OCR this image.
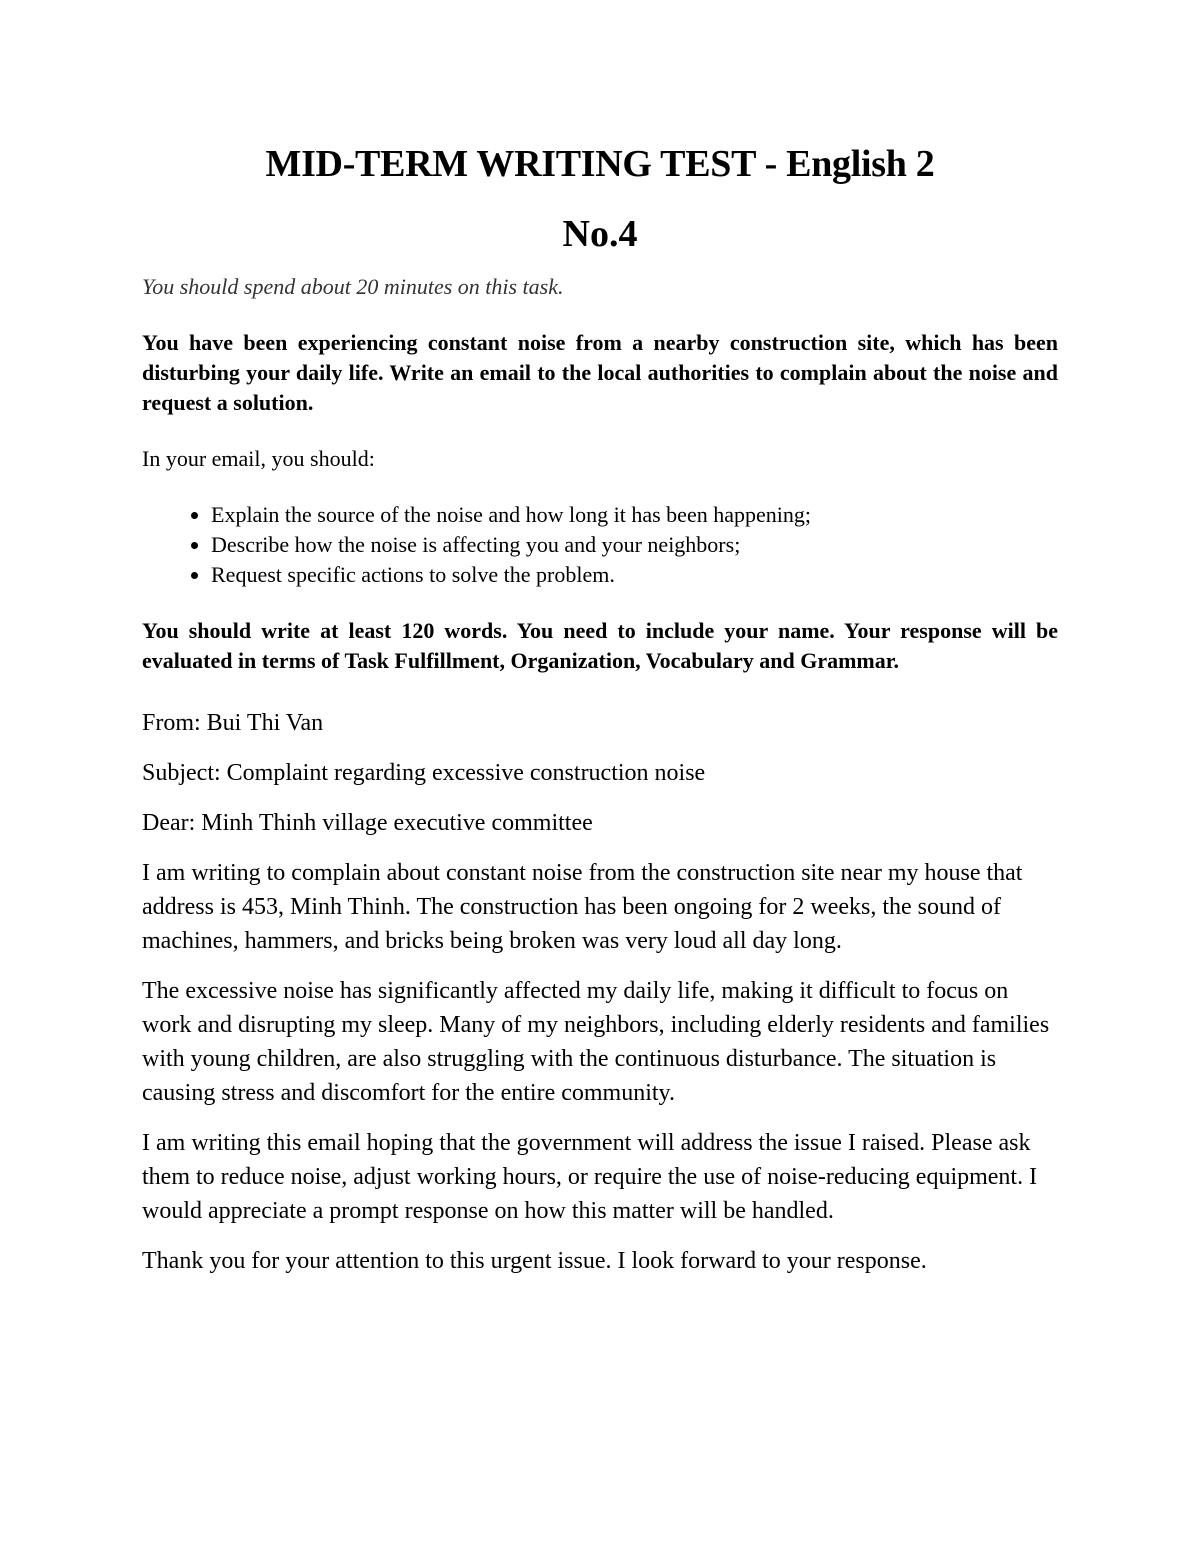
MID-TERM WRITING TEST - English 2
No.4

You should spend about 20 minutes on this task.

You have been experiencing constant noise from a nearby construction site, which has been disturbing your daily life. Write an email to the local authorities to complain about the noise and request a solution.

In your email, you should:

• Explain the source of the noise and how long it has been happening;
• Describe how the noise is affecting you and your neighbors;
• Request specific actions to solve the problem.

You should write at least 120 words. You need to include your name. Your response will be evaluated in terms of Task Fulfillment, Organization, Vocabulary and Grammar.

From: Bui Thi Van

Subject: Complaint regarding excessive construction noise

Dear: Minh Thinh village executive committee

I am writing to complain about constant noise from the construction site near my house that address is 453, Minh Thinh. The construction has been ongoing for 2 weeks, the sound of machines, hammers, and bricks being broken was very loud all day long.

The excessive noise has significantly affected my daily life, making it difficult to focus on work and disrupting my sleep. Many of my neighbors, including elderly residents and families with young children, are also struggling with the continuous disturbance. The situation is causing stress and discomfort for the entire community.

I am writing this email hoping that the government will address the issue I raised. Please ask them to reduce noise, adjust working hours, or require the use of noise-reducing equipment. I would appreciate a prompt response on how this matter will be handled.

Thank you for your attention to this urgent issue. I look forward to your response.
